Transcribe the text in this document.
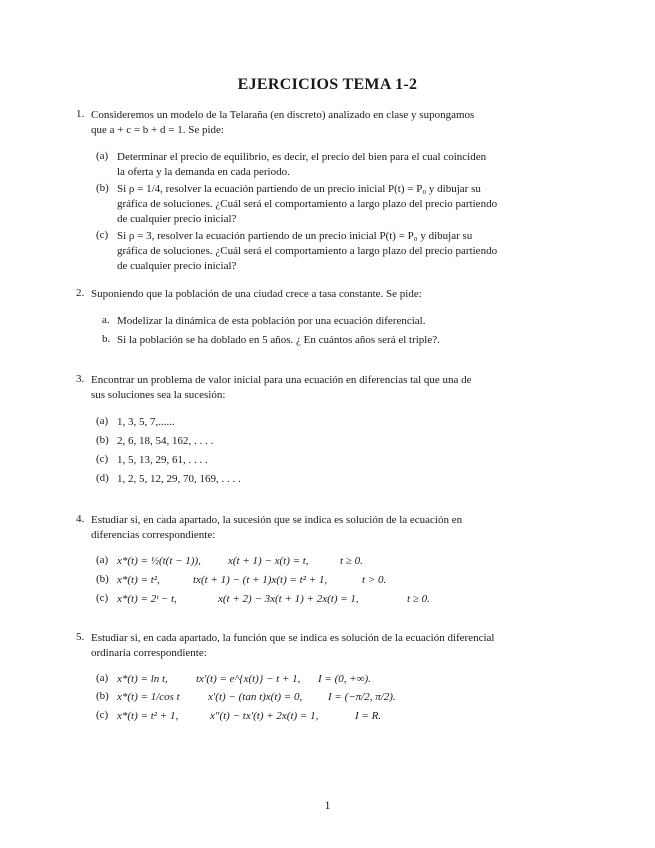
EJERCICIOS TEMA 1-2
1. Consideremos un modelo de la Telaraña (en discreto) analizado en clase y supongamos
que a + c = b + d = 1. Se pide:
(a) Determinar el precio de equilibrio, es decir, el precio del bien para el cual coinciden
la oferta y la demanda en cada periodo.
(b) Si ρ = 1/4, resolver la ecuación partiendo de un precio inicial P(t) = P₀ y dibujar su
gráfica de soluciones. ¿Cuál será el comportamiento a largo plazo del precio partiendo
de cualquier precio inicial?
(c) Si ρ = 3, resolver la ecuación partiendo de un precio inicial P(t) = P₀ y dibujar su
gráfica de soluciones. ¿Cuál será el comportamiento a largo plazo del precio partiendo
de cualquier precio inicial?
2. Suponiendo que la población de una ciudad crece a tasa constante. Se pide:
a. Modelizar la dinámica de esta población por una ecuación diferencial.
b. Si la población se ha doblado en 5 años. ¿ En cuántos años será el triple?.
3. Encontrar un problema de valor inicial para una ecuación en diferencias tal que una de
sus soluciones sea la sucesión:
(a) 1, 3, 5, 7,......
(b) 2, 6, 18, 54, 162, . . . .
(c) 1, 5, 13, 29, 61, . . . .
(d) 1, 2, 5, 12, 29, 70, 169, . . . .
4. Estudiar si, en cada apartado, la sucesión que se indica es solución de la ecuación en
diferencias correspondiente:
(a) x*(t) = ½(t(t − 1)), x(t + 1) − x(t) = t,	t ≥ 0.
(b) x*(t) = t²,	tx(t + 1) − (t + 1)x(t) = t² + 1,	t > 0.
(c) x*(t) = 2ᵗ − t,	x(t + 2) − 3x(t + 1) + 2x(t) = 1,	t ≥ 0.
5. Estudiar si, en cada apartado, la función que se indica es solución de la ecuación diferencial
ordinaria correspondiente:
(a) x*(t) = ln t,	tx′(t) = e^{x(t)} − t + 1, I = (0, +∞).
(b) x*(t) = 1/cos t	x′(t) − (tan t)x(t) = 0, I = (−π/2, π/2).
(c) x*(t) = t² + 1,	x″(t) − tx′(t) + 2x(t) = 1,	I = R.
1
